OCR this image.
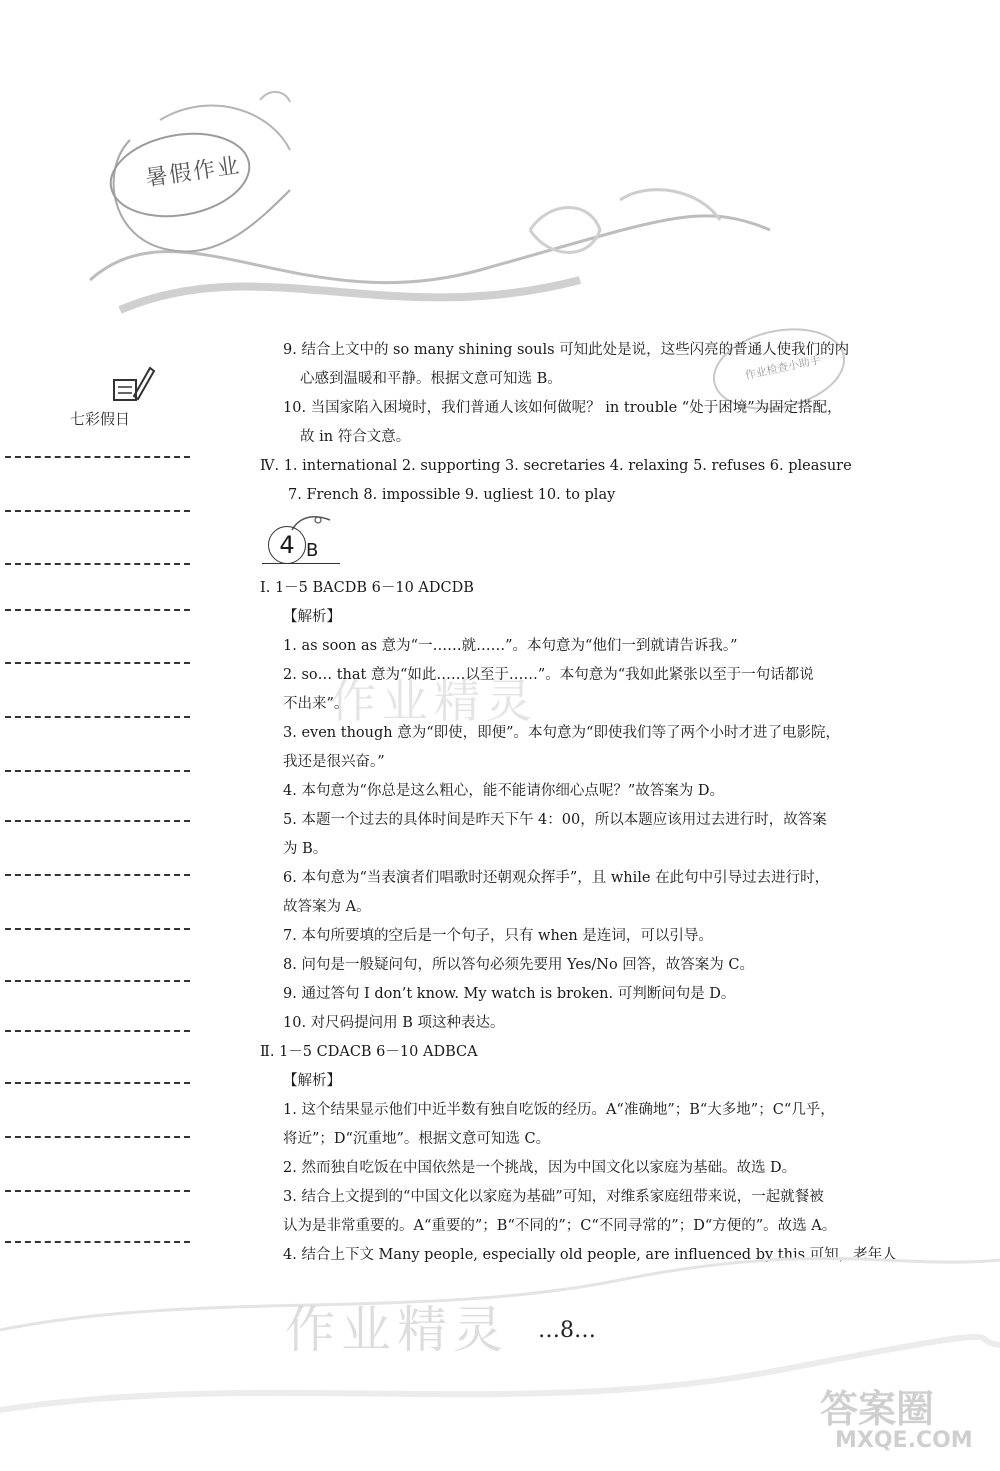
暑假作业
作业检查小助手
七彩假日
作业精灵
9. 结合上文中的 so many shining souls 可知此处是说，这些闪亮的普通人使我们的内
心感到温暖和平静。根据文意可知选 B。
10. 当国家陷入困境时，我们普通人该如何做呢？ in trouble “处于困境”为固定搭配，
故 in 符合文意。
Ⅳ. 1. international 2. supporting 3. secretaries 4. relaxing 5. refuses 6. pleasure
7. French 8. impossible 9. ugliest 10. to play
4 B
Ⅰ. 1－5 BACDB 6－10 ADCDB
【解析】
1. as soon as 意为“一……就……”。本句意为“他们一到就请告诉我。”
2. so… that 意为“如此……以至于……”。本句意为“我如此紧张以至于一句话都说
不出来”。
3. even though 意为“即使，即便”。本句意为“即使我们等了两个小时才进了电影院，
我还是很兴奋。”
4. 本句意为“你总是这么粗心，能不能请你细心点呢？”故答案为 D。
5. 本题一个过去的具体时间是昨天下午 4：00，所以本题应该用过去进行时，故答案
为 B。
6. 本句意为“当表演者们唱歌时还朝观众挥手”，且 while 在此句中引导过去进行时，
故答案为 A。
7. 本句所要填的空后是一个句子，只有 when 是连词，可以引导。
8. 问句是一般疑问句，所以答句必须先要用 Yes/No 回答，故答案为 C。
9. 通过答句 I don’t know. My watch is broken. 可判断问句是 D。
10. 对尺码提问用 B 项这种表达。
Ⅱ. 1－5 CDACB 6－10 ADBCA
【解析】
1. 这个结果显示他们中近半数有独自吃饭的经历。A“准确地”；B“大多地”；C“几乎，
将近”；D“沉重地”。根据文意可知选 C。
2. 然而独自吃饭在中国依然是一个挑战，因为中国文化以家庭为基础。故选 D。
3. 结合上文提到的“中国文化以家庭为基础”可知，对维系家庭纽带来说，一起就餐被
认为是非常重要的。A“重要的”；B“不同的”；C“不同寻常的”；D“方便的”。故选 A。
4. 结合上下文 Many people, especially old people, are influenced by this 可知，老年人
作业精灵 …8…
答案圈
MXQE.COM
